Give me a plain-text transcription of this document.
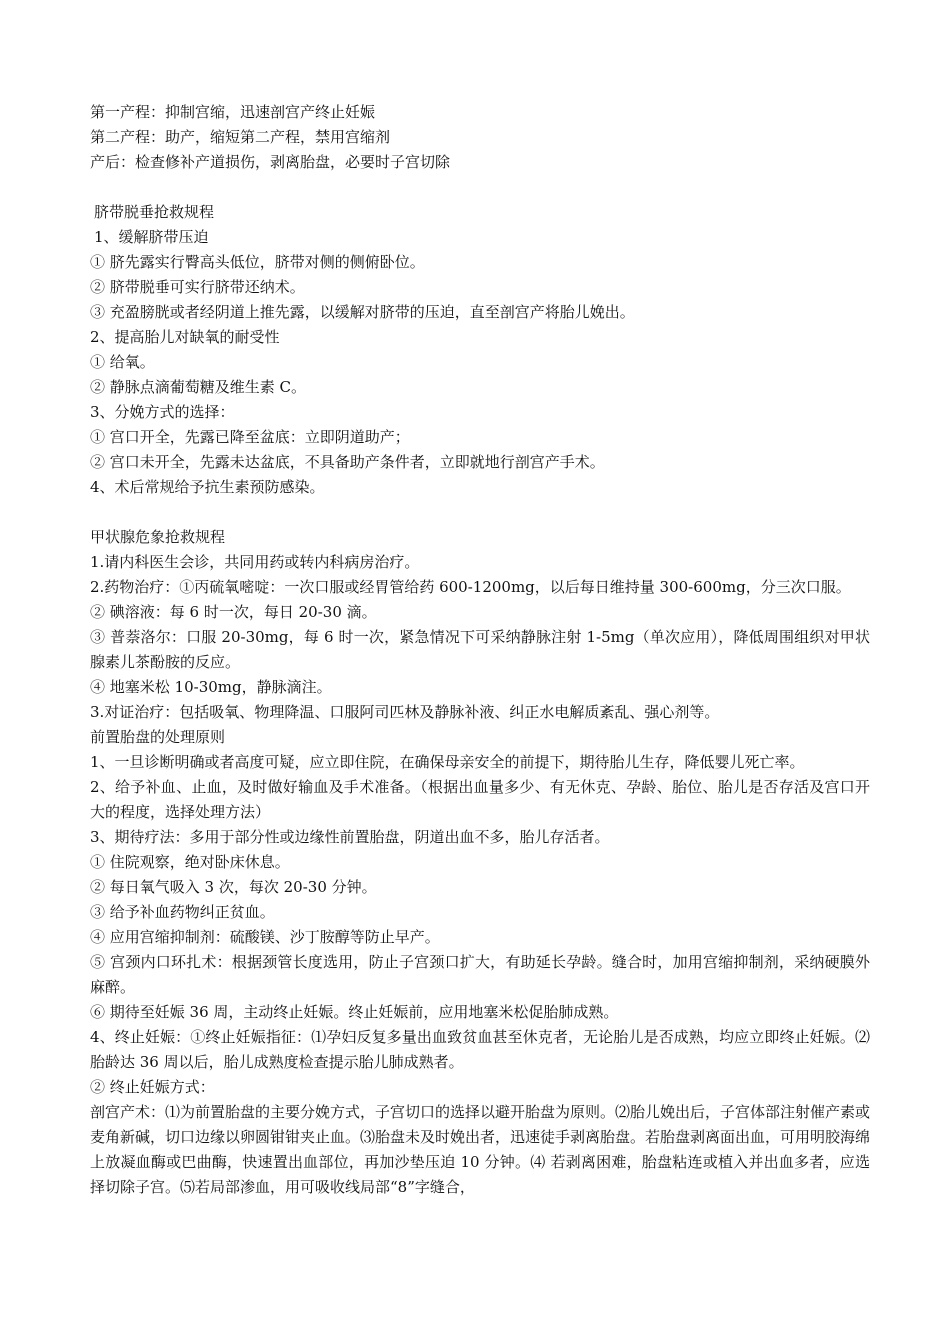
第一产程：抑制宫缩，迅速剖宫产终止妊娠

第二产程：助产，缩短第二产程，禁用宫缩剂

产后：检查修补产道损伤，剥离胎盘，必要时子宫切除

脐带脱垂抢救规程

1、缓解脐带压迫

① 脐先露实行臀高头低位，脐带对侧的侧俯卧位。

② 脐带脱垂可实行脐带还纳术。

③ 充盈膀胱或者经阴道上推先露，以缓解对脐带的压迫，直至剖宫产将胎儿娩出。

2、提高胎儿对缺氧的耐受性

① 给氧。

② 静脉点滴葡萄糖及维生素 C。

3、分娩方式的选择：

① 宫口开全，先露已降至盆底：立即阴道助产；

② 宫口未开全，先露未达盆底，不具备助产条件者，立即就地行剖宫产手术。

4、术后常规给予抗生素预防感染。

甲状腺危象抢救规程

1.请内科医生会诊，共同用药或转内科病房治疗。

2.药物治疗：①丙硫氧嘧啶：一次口服或经胃管给药 600-1200mg，以后每日维持量 300-600mg，分三次口服。

② 碘溶液：每 6 时一次，每日 20-30 滴。

③ 普萘洛尔：口服 20-30mg，每 6 时一次，紧急情况下可采纳静脉注射 1-5mg（单次应用），降低周围组织对甲状腺素儿茶酚胺的反应。

④ 地塞米松 10-30mg，静脉滴注。

3.对证治疗：包括吸氧、物理降温、口服阿司匹林及静脉补液、纠正水电解质紊乱、强心剂等。

前置胎盘的处理原则

1、一旦诊断明确或者高度可疑，应立即住院，在确保母亲安全的前提下，期待胎儿生存，降低婴儿死亡率。

2、给予补血、止血，及时做好输血及手术准备。（根据出血量多少、有无休克、孕龄、胎位、胎儿是否存活及宫口开大的程度，选择处理方法）

3、期待疗法：多用于部分性或边缘性前置胎盘，阴道出血不多，胎儿存活者。

① 住院观察，绝对卧床休息。

② 每日氧气吸入 3 次，每次 20-30 分钟。

③ 给予补血药物纠正贫血。

④ 应用宫缩抑制剂：硫酸镁、沙丁胺醇等防止早产。

⑤ 宫颈内口环扎术：根据颈管长度选用，防止子宫颈口扩大，有助延长孕龄。缝合时，加用宫缩抑制剂，采纳硬膜外麻醉。

⑥ 期待至妊娠 36 周，主动终止妊娠。终止妊娠前，应用地塞米松促胎肺成熟。

4、终止妊娠：①终止妊娠指征：⑴孕妇反复多量出血致贫血甚至休克者，无论胎儿是否成熟，均应立即终止妊娠。⑵胎龄达 36 周以后，胎儿成熟度检查提示胎儿肺成熟者。

② 终止妊娠方式：

剖宫产术：⑴为前置胎盘的主要分娩方式，子宫切口的选择以避开胎盘为原则。⑵胎儿娩出后，子宫体部注射催产素或麦角新碱，切口边缘以卵圆钳钳夹止血。⑶胎盘未及时娩出者，迅速徒手剥离胎盘。若胎盘剥离面出血，可用明胶海绵上放凝血酶或巴曲酶，快速置出血部位，再加沙垫压迫 10 分钟。⑷ 若剥离困难，胎盘粘连或植入并出血多者，应选择切除子宫。⑸若局部渗血，用可吸收线局部“8”字缝合，
